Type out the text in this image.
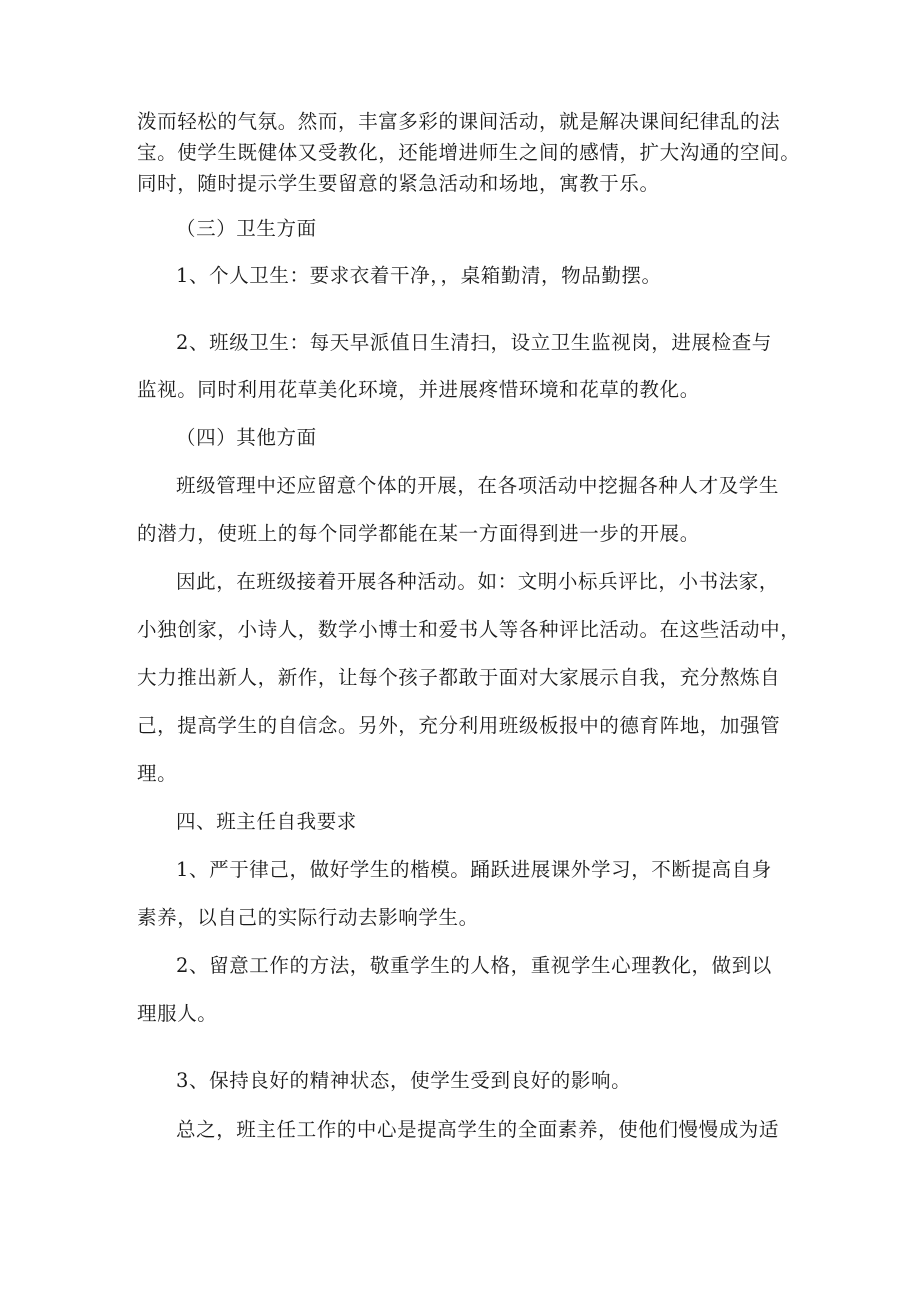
泼而轻松的气氛。然而，丰富多彩的课间活动，就是解决课间纪律乱的法
宝。使学生既健体又受教化，还能增进师生之间的感情，扩大沟通的空间。
同时，随时提示学生要留意的紧急活动和场地，寓教于乐。
（三）卫生方面
1、个人卫生：要求衣着干净，，桌箱勤清，物品勤摆。
2、班级卫生：每天早派值日生清扫，设立卫生监视岗，进展检查与
监视。同时利用花草美化环境，并进展疼惜环境和花草的教化。
（四）其他方面
班级管理中还应留意个体的开展，在各项活动中挖掘各种人才及学生
的潜力，使班上的每个同学都能在某一方面得到进一步的开展。
因此，在班级接着开展各种活动。如：文明小标兵评比，小书法家，
小独创家，小诗人，数学小博士和爱书人等各种评比活动。在这些活动中，
大力推出新人，新作，让每个孩子都敢于面对大家展示自我，充分熬炼自
己，提高学生的自信念。另外，充分利用班级板报中的德育阵地，加强管
理。
四、班主任自我要求
1、严于律己，做好学生的楷模。踊跃进展课外学习，不断提高自身
素养，以自己的实际行动去影响学生。
2、留意工作的方法，敬重学生的人格，重视学生心理教化，做到以
理服人。
3、保持良好的精神状态，使学生受到良好的影响。
总之，班主任工作的中心是提高学生的全面素养，使他们慢慢成为适
